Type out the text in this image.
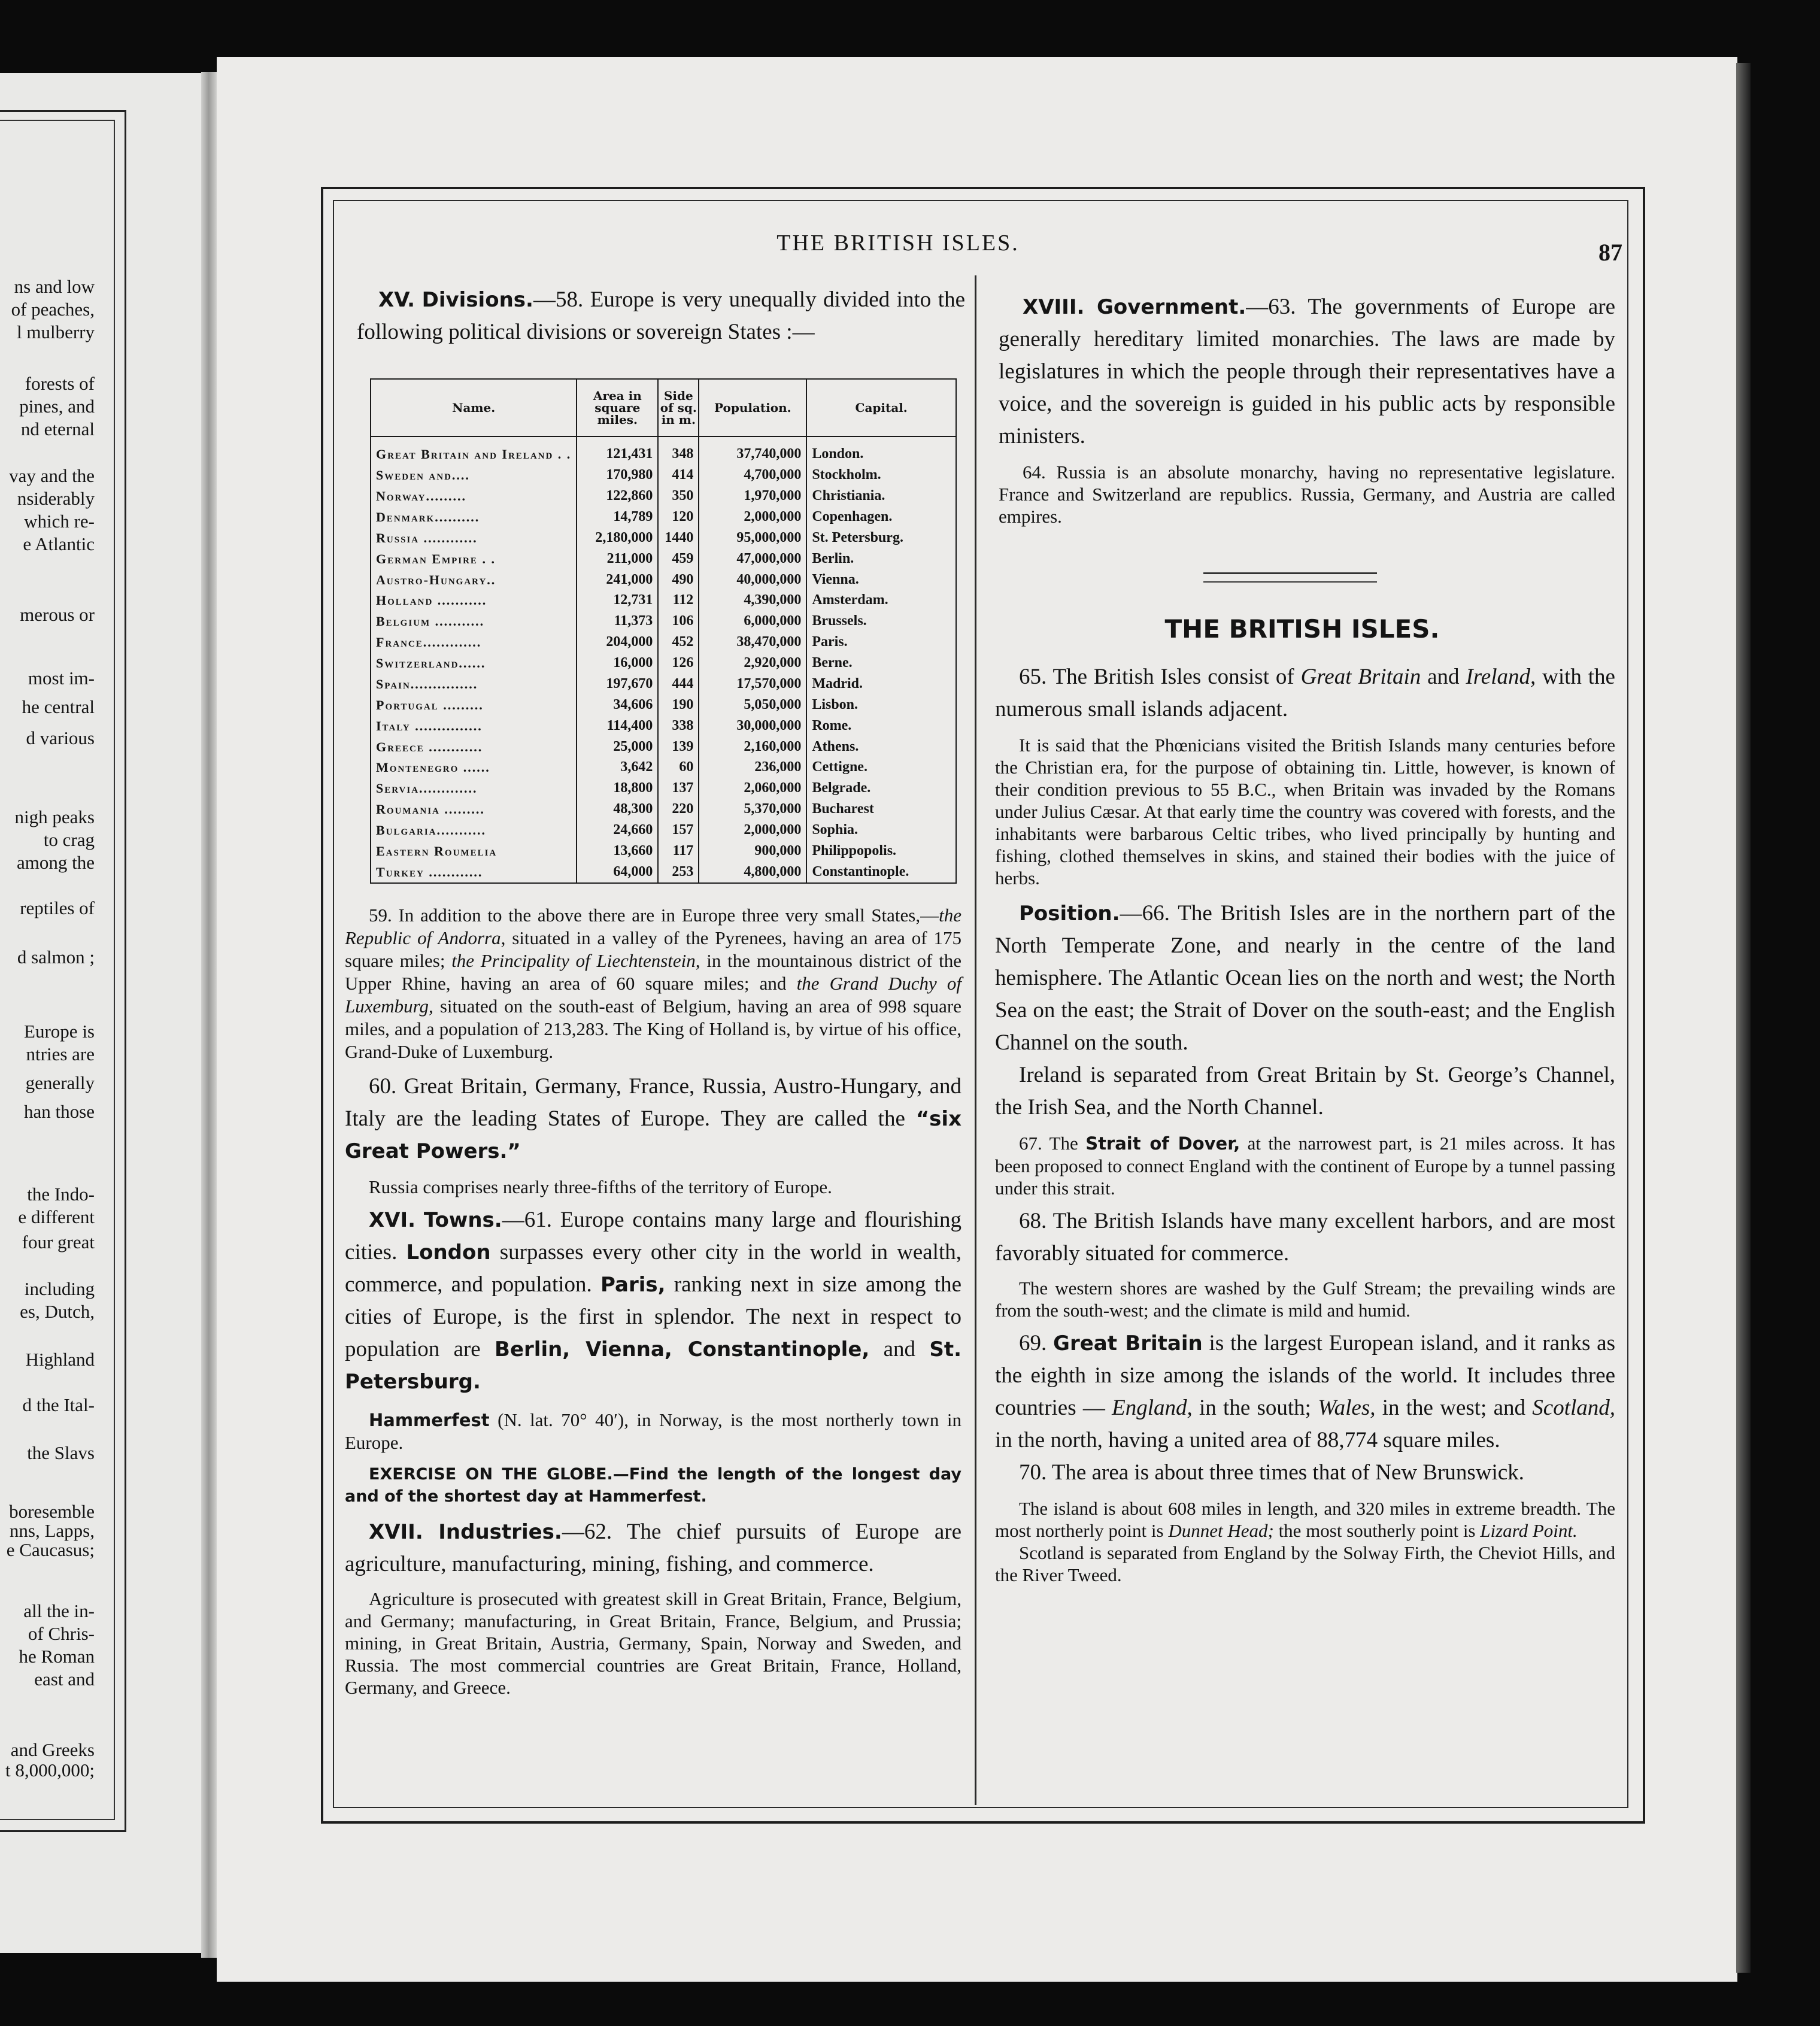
ns and low
of peaches,
l mulberry
forests of
pines, and
nd eternal
vay and the
nsiderably
which re-
e Atlantic
merous or
most im-
he central
d various
nigh peaks
to crag
among the
reptiles of
d salmon ;
Europe is
ntries are
generally
han those
the Indo-
e different
four great
including
es, Dutch,
Highland
d the Ital-
the Slavs
boresemble
nns, Lapps,
e Caucasus;
all the in-
of Chris-
he Roman
east and
and Greeks
t 8,000,000;
THE BRITISH ISLES.	87

XV. Divisions.—58. Europe is very unequally divided into the following political divisions or sovereign States :—

Name.	Area in square miles.	Side of sq. in m.	Population.	Capital.
Great Britain and Ireland . .	121,431	348	37,740,000	London.
Sweden and....	170,980	414	4,700,000	Stockholm.
Norway.........	122,860	350	1,970,000	Christiania.
Denmark..........	14,789	120	2,000,000	Copenhagen.
Russia ............	2,180,000	1440	95,000,000	St. Petersburg.
German Empire . .	211,000	459	47,000,000	Berlin.
Austro-Hungary..	241,000	490	40,000,000	Vienna.
Holland ...........	12,731	112	4,390,000	Amsterdam.
Belgium ...........	11,373	106	6,000,000	Brussels.
France.............	204,000	452	38,470,000	Paris.
Switzerland......	16,000	126	2,920,000	Berne.
Spain...............	197,670	444	17,570,000	Madrid.
Portugal .........	34,606	190	5,050,000	Lisbon.
Italy ...............	114,400	338	30,000,000	Rome.
Greece ............	25,000	139	2,160,000	Athens.
Montenegro ......	3,642	60	236,000	Cettigne.
Servia.............	18,800	137	2,060,000	Belgrade.
Roumania .........	48,300	220	5,370,000	Bucharest
Bulgaria...........	24,660	157	2,000,000	Sophia.
Eastern Roumelia	13,660	117	900,000	Philippopolis.
Turkey ............	64,000	253	4,800,000	Constantinople.

59. In addition to the above there are in Europe three very small States,—the Republic of Andorra, situated in a valley of the Pyrenees, having an area of 175 square miles; the Principality of Liechtenstein, in the mountainous district of the Upper Rhine, having an area of 60 square miles; and the Grand Duchy of Luxemburg, situated on the south-east of Belgium, having an area of 998 square miles, and a population of 213,283. The King of Holland is, by virtue of his office, Grand-Duke of Luxemburg.

60. Great Britain, Germany, France, Russia, Austro-Hungary, and Italy are the leading States of Europe. They are called the “six Great Powers.”

Russia comprises nearly three-fifths of the territory of Europe.

XVI. Towns.—61. Europe contains many large and flourishing cities. London surpasses every other city in the world in wealth, commerce, and population. Paris, ranking next in size among the cities of Europe, is the first in splendor. The next in respect to population are Berlin, Vienna, Constantinople, and St. Petersburg.

Hammerfest (N. lat. 70° 40′), in Norway, is the most northerly town in Europe.

EXERCISE ON THE GLOBE.—Find the length of the longest day and of the shortest day at Hammerfest.

XVII. Industries.—62. The chief pursuits of Europe are agriculture, manufacturing, mining, fishing, and commerce.

Agriculture is prosecuted with greatest skill in Great Britain, France, Belgium, and Germany; manufacturing, in Great Britain, France, Belgium, and Prussia; mining, in Great Britain, Austria, Germany, Spain, Norway and Sweden, and Russia. The most commercial countries are Great Britain, France, Holland, Germany, and Greece.

XVIII. Government.—63. The governments of Europe are generally hereditary limited monarchies. The laws are made by legislatures in which the people through their representatives have a voice, and the sovereign is guided in his public acts by responsible ministers.

64. Russia is an absolute monarchy, having no representative legislature. France and Switzerland are republics. Russia, Germany, and Austria are called empires.

THE BRITISH ISLES.

65. The British Isles consist of Great Britain and Ireland, with the numerous small islands adjacent.

It is said that the Phœnicians visited the British Islands many centuries before the Christian era, for the purpose of obtaining tin. Little, however, is known of their condition previous to 55 B.C., when Britain was invaded by the Romans under Julius Cæsar. At that early time the country was covered with forests, and the inhabitants were barbarous Celtic tribes, who lived principally by hunting and fishing, clothed themselves in skins, and stained their bodies with the juice of herbs.

Position.—66. The British Isles are in the northern part of the North Temperate Zone, and nearly in the centre of the land hemisphere. The Atlantic Ocean lies on the north and west; the North Sea on the east; the Strait of Dover on the south-east; and the English Channel on the south.

Ireland is separated from Great Britain by St. George’s Channel, the Irish Sea, and the North Channel.

67. The Strait of Dover, at the narrowest part, is 21 miles across. It has been proposed to connect England with the continent of Europe by a tunnel passing under this strait.

68. The British Islands have many excellent harbors, and are most favorably situated for commerce.

The western shores are washed by the Gulf Stream; the prevailing winds are from the south-west; and the climate is mild and humid.

69. Great Britain is the largest European island, and it ranks as the eighth in size among the islands of the world. It includes three countries — England, in the south; Wales, in the west; and Scotland, in the north, having a united area of 88,774 square miles.

70. The area is about three times that of New Brunswick.

The island is about 608 miles in length, and 320 miles in extreme breadth. The most northerly point is Dunnet Head; the most southerly point is Lizard Point.

Scotland is separated from England by the Solway Firth, the Cheviot Hills, and the River Tweed.
